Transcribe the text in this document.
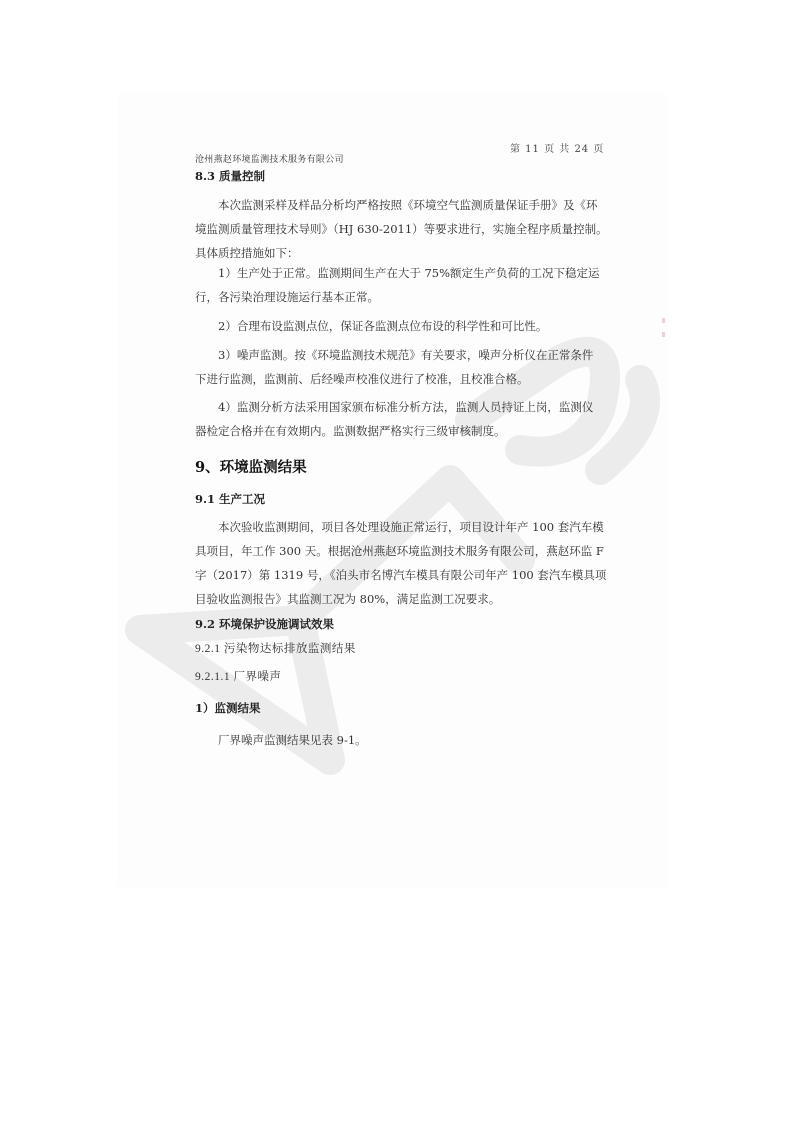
第 11 页 共 24 页
沧州燕赵环境监测技术服务有限公司
8.3 质量控制
本次监测采样及样品分析均严格按照《环境空气监测质量保证手册》及《环
境监测质量管理技术导则》（HJ 630-2011）等要求进行，实施全程序质量控制。
具体质控措施如下：
1）生产处于正常。监测期间生产在大于 75%额定生产负荷的工况下稳定运
行，各污染治理设施运行基本正常。
2）合理布设监测点位，保证各监测点位布设的科学性和可比性。
3）噪声监测。按《环境监测技术规范》有关要求，噪声分析仪在正常条件
下进行监测，监测前、后经噪声校准仪进行了校准，且校准合格。
4）监测分析方法采用国家颁布标准分析方法，监测人员持证上岗，监测仪
器检定合格并在有效期内。监测数据严格实行三级审核制度。
9、环境监测结果
9.1 生产工况
本次验收监测期间，项目各处理设施正常运行，项目设计年产 100 套汽车模
具项目，年工作 300 天。根据沧州燕赵环境监测技术服务有限公司，燕赵环监 F
字（2017）第 1319 号，《泊头市名博汽车模具有限公司年产 100 套汽车模具项
目验收监测报告》其监测工况为 80%，满足监测工况要求。
9.2 环境保护设施调试效果
9.2.1 污染物达标排放监测结果
9.2.1.1 厂界噪声
1）监测结果
厂界噪声监测结果见表 9-1。
